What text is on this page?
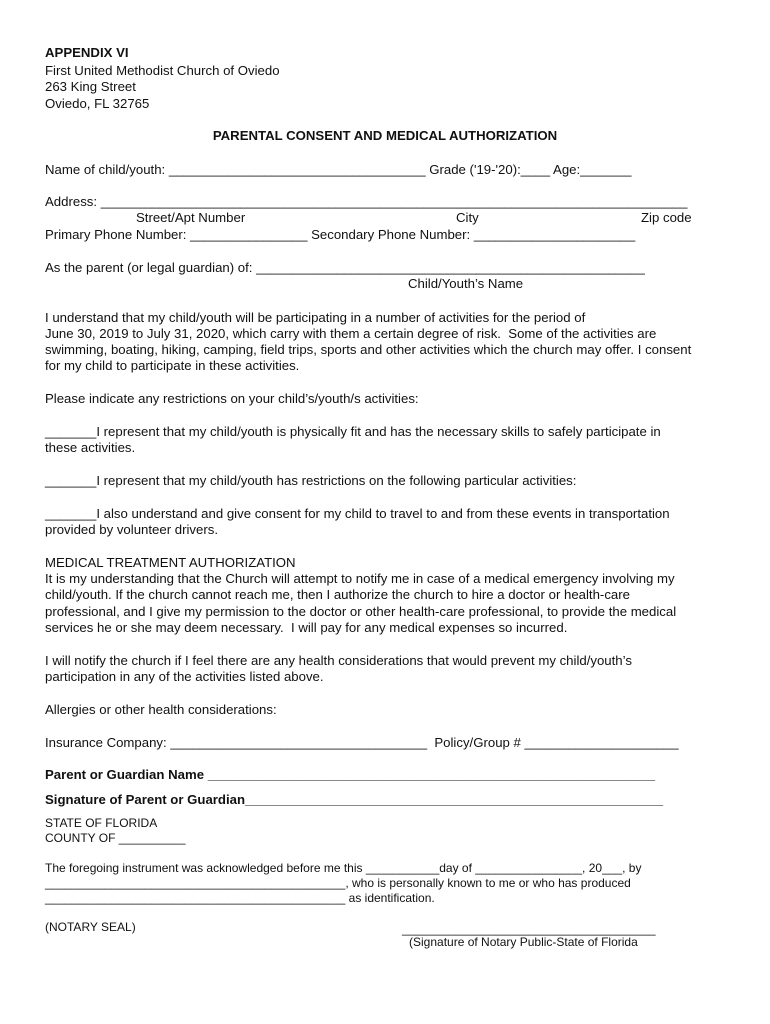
APPENDIX VI
First United Methodist Church of Oviedo
263 King Street
Oviedo, FL 32765
PARENTAL CONSENT AND MEDICAL AUTHORIZATION
Name of child/youth: ___________________________________ Grade ('19-'20):____ Age:_______
Address: ________________________________________________________________________________
Street/Apt Number	City	Zip code
Primary Phone Number: ________________ Secondary Phone Number: ______________________
As the parent (or legal guardian) of: _____________________________________________________
Child/Youth’s Name
I understand that my child/youth will be participating in a number of activities for the period of
June 30, 2019 to July 31, 2020, which carry with them a certain degree of risk.  Some of the activities are
swimming, boating, hiking, camping, field trips, sports and other activities which the church may offer. I consent
for my child to participate in these activities.
Please indicate any restrictions on your child’s/youth/s activities:
_______I represent that my child/youth is physically fit and has the necessary skills to safely participate in
these activities.
_______I represent that my child/youth has restrictions on the following particular activities:
_______I also understand and give consent for my child to travel to and from these events in transportation
provided by volunteer drivers.
MEDICAL TREATMENT AUTHORIZATION
It is my understanding that the Church will attempt to notify me in case of a medical emergency involving my
child/youth. If the church cannot reach me, then I authorize the church to hire a doctor or health-care
professional, and I give my permission to the doctor or other health-care professional, to provide the medical
services he or she may deem necessary.  I will pay for any medical expenses so incurred.
I will notify the church if I feel there are any health considerations that would prevent my child/youth’s
participation in any of the activities listed above.
Allergies or other health considerations:
Insurance Company: ___________________________________  Policy/Group # _____________________
Parent or Guardian Name _____________________________________________________________
Signature of Parent or Guardian_________________________________________________________
STATE OF FLORIDA
COUNTY OF __________
The foregoing instrument was acknowledged before me this ___________day of ________________, 20___, by
_____________________________________________, who is personally known to me or who has produced
_____________________________________________ as identification.
(NOTARY SEAL)	______________________________________
(Signature of Notary Public-State of Florida
